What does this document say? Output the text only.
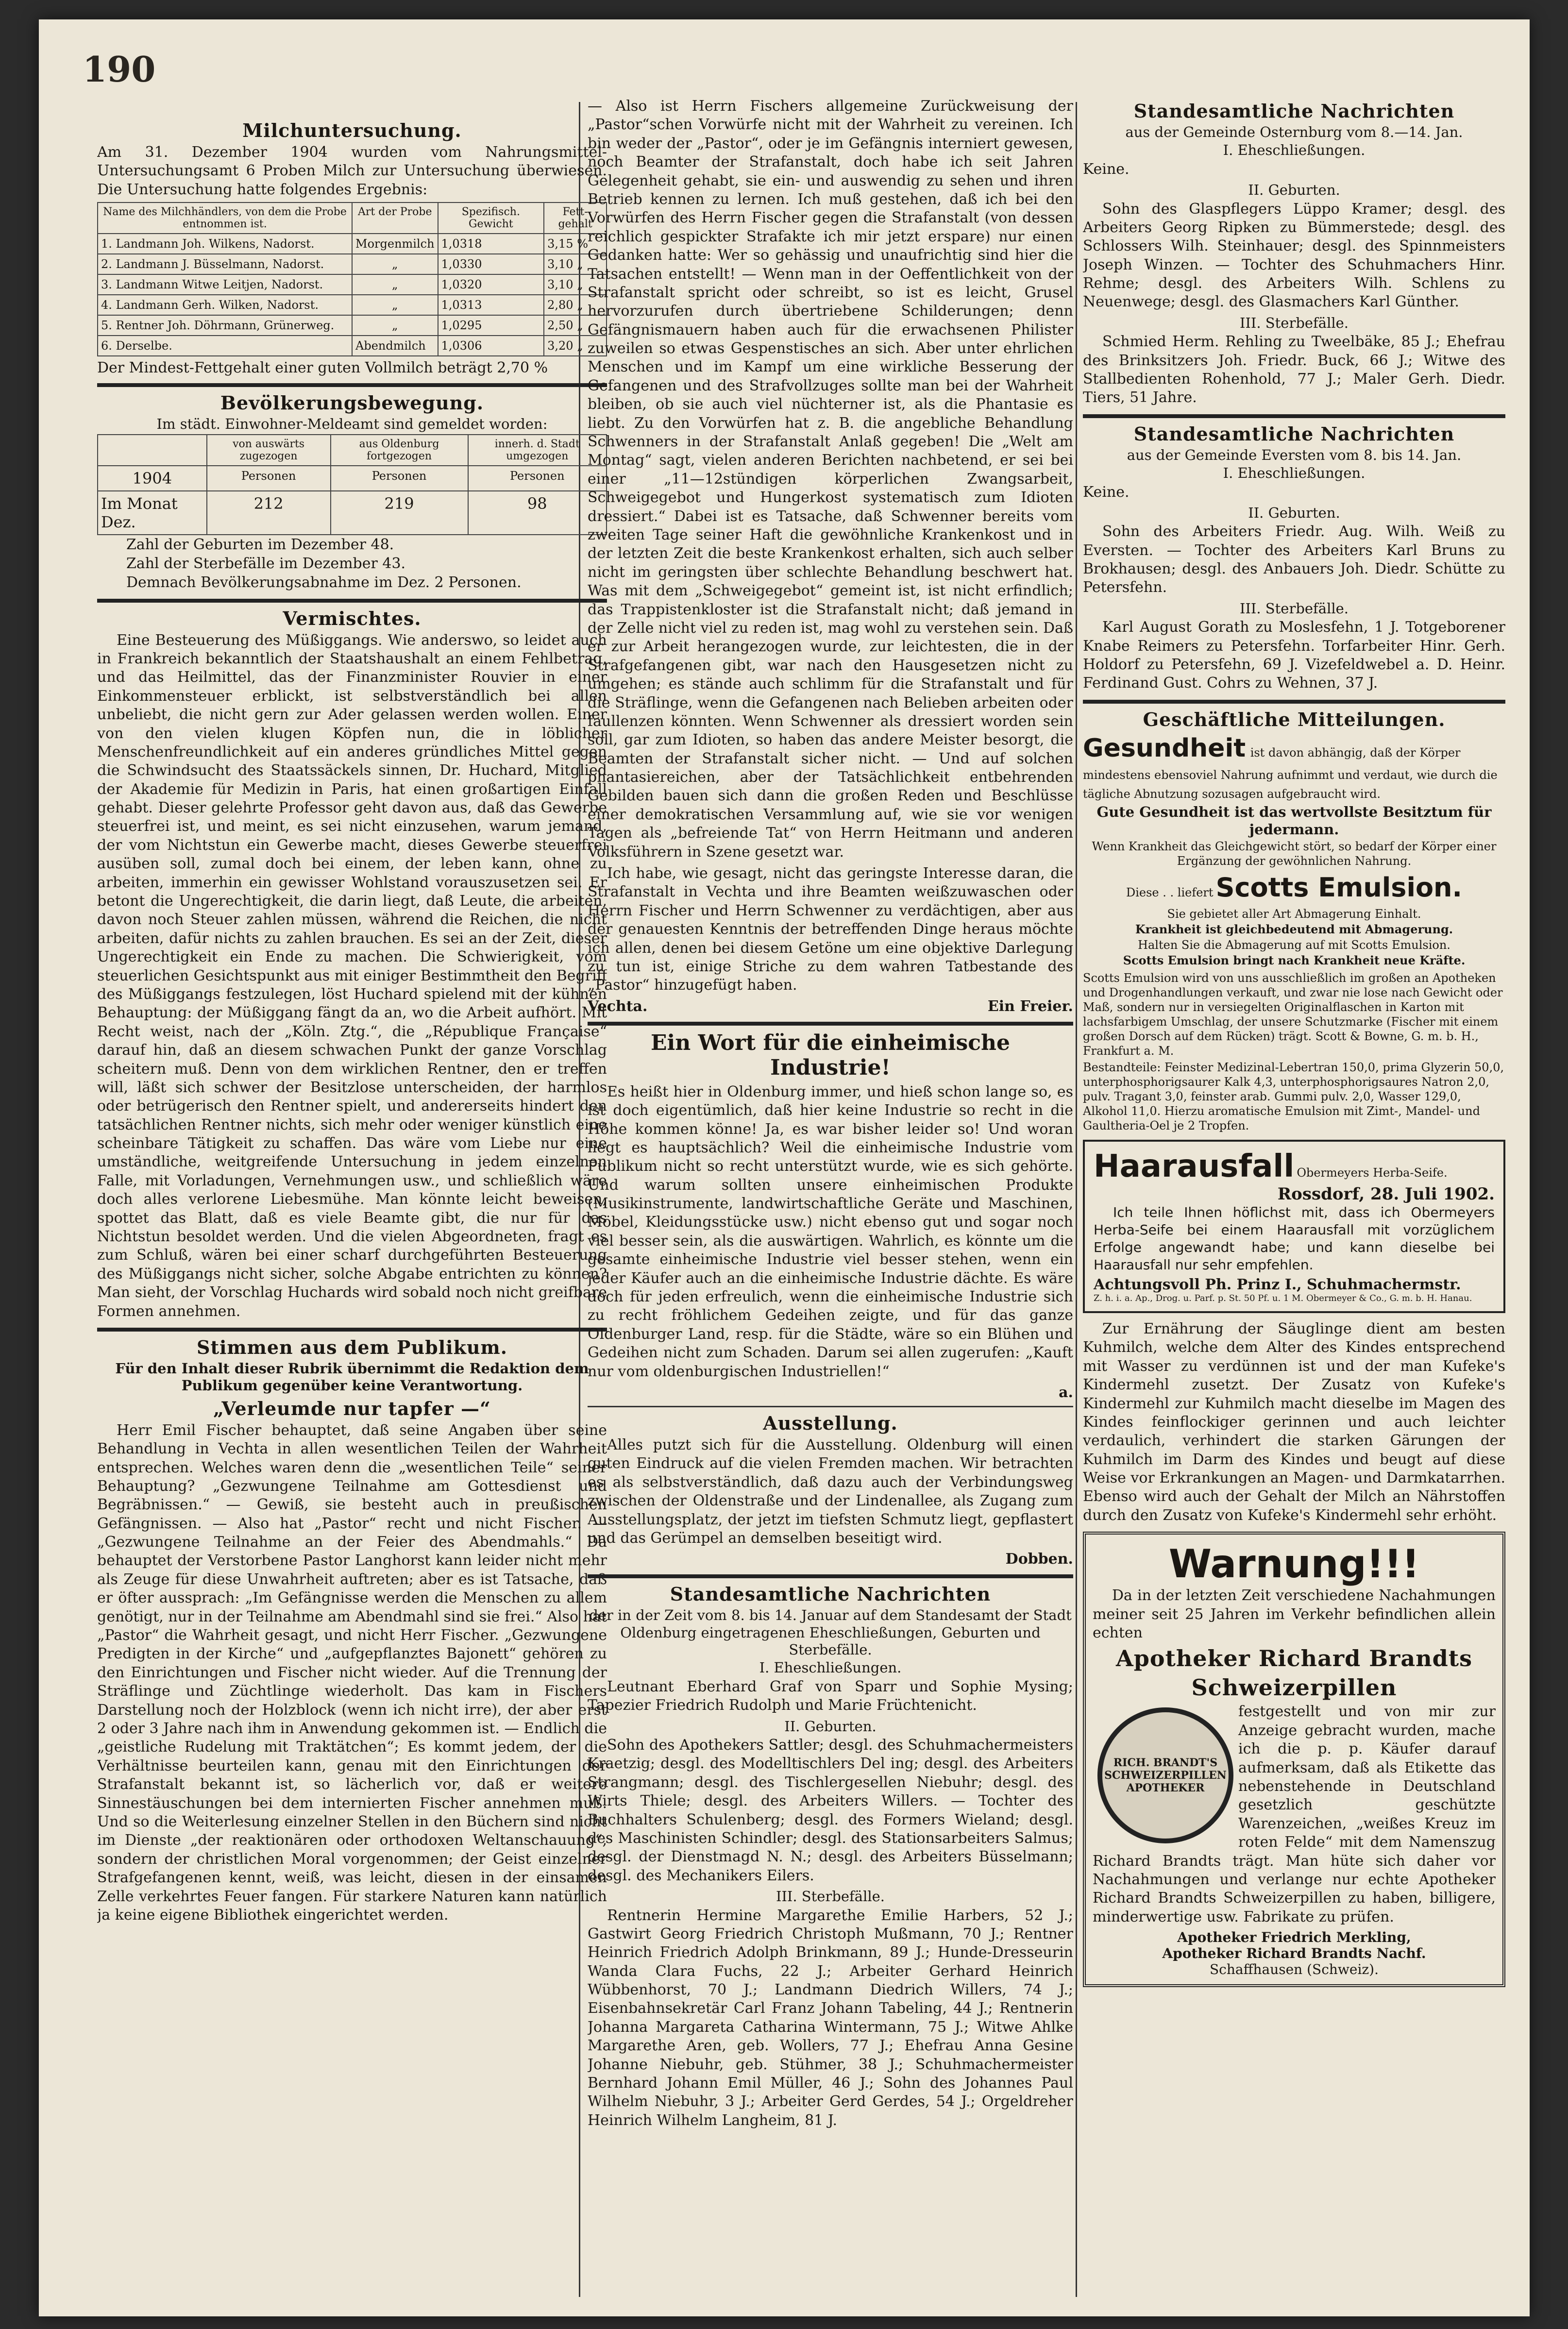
190
Milchuntersuchung.

Am 31. Dezember 1904 wurden vom Nahrungsmittel-Untersuchungsamt 6 Proben Milch zur Untersuchung überwiesen. Die Untersuchung hatte folgendes Ergebnis:

Name des Milchhändlers, von dem die Probe entnommen ist.	Art der Probe	Spezifisch. Gewicht	Fett-gehalt
1. Landmann Joh. Wilkens, Nadorst.	Morgenmilch	1,0318	3,15 %
2. Landmann J. Büsselmann, Nadorst.	„	1,0330	3,10 „
3. Landmann Witwe Leitjen, Nadorst.	„	1,0320	3,10 „
4. Landmann Gerh. Wilken, Nadorst.	„	1,0313	2,80 „
5. Rentner Joh. Döhrmann, Grünerweg.	„	1,0295	2,50 „
6. Derselbe.	Abendmilch	1,0306	3,20 „
Der Mindest-Fettgehalt einer guten Vollmilch beträgt 2,70 %
Bevölkerungsbewegung.
Im städt. Einwohner-Meldeamt sind gemeldet worden:
	von auswärts zugezogen	aus Oldenburg fortgezogen	innerh. d. Stadt umgezogen
1904	Personen	Personen	Personen
Im Monat Dez.	212	219	98
Zahl der Geburten im Dezember 48.
Zahl der Sterbefälle im Dezember 43.
Demnach Bevölkerungsabnahme im Dez. 2 Personen.
Vermischtes.

Eine Besteuerung des Müßiggangs. Wie anderswo, so leidet auch in Frankreich bekanntlich der Staatshaushalt an einem Fehlbetrag, und das Heilmittel, das der Finanzminister Rouvier in einer Einkommensteuer erblickt, ist selbstverständlich bei allen unbeliebt, die nicht gern zur Ader gelassen werden wollen. Einer von den vielen klugen Köpfen nun, die in löblicher Menschenfreundlichkeit auf ein anderes gründliches Mittel gegen die Schwindsucht des Staatssäckels sinnen, Dr. Huchard, Mitglied der Akademie für Medizin in Paris, hat einen großartigen Einfall gehabt. Dieser gelehrte Professor geht davon aus, daß das Gewerbe steuerfrei ist, und meint, es sei nicht einzusehen, warum jemand, der vom Nichtstun ein Gewerbe macht, dieses Gewerbe steuerfrei ausüben soll, zumal doch bei einem, der leben kann, ohne zu arbeiten, immerhin ein gewisser Wohlstand vorauszusetzen sei. Er betont die Ungerechtigkeit, die darin liegt, daß Leute, die arbeiten, davon noch Steuer zahlen müssen, während die Reichen, die nicht arbeiten, dafür nichts zu zahlen brauchen. Es sei an der Zeit, dieser Ungerechtigkeit ein Ende zu machen. Die Schwierigkeit, vom steuerlichen Gesichtspunkt aus mit einiger Bestimmtheit den Begriff des Müßiggangs festzulegen, löst Huchard spielend mit der kühnen Behauptung: der Müßiggang fängt da an, wo die Arbeit aufhört. Mit Recht weist, nach der „Köln. Ztg.“, die „République Française“ darauf hin, daß an diesem schwachen Punkt der ganze Vorschlag scheitern muß. Denn von dem wirklichen Rentner, den er treffen will, läßt sich schwer der Besitzlose unterscheiden, der harmlos oder betrügerisch den Rentner spielt, und andererseits hindert den tatsächlichen Rentner nichts, sich mehr oder weniger künstlich eine scheinbare Tätigkeit zu schaffen. Das wäre vom Liebe nur eine umständliche, weitgreifende Untersuchung in jedem einzelnen Falle, mit Vorladungen, Vernehmungen usw., und schließlich wäre doch alles verlorene Liebesmühe. Man könnte leicht beweisen, spottet das Blatt, daß es viele Beamte gibt, die nur für das Nichtstun besoldet werden. Und die vielen Abgeordneten, fragt es zum Schluß, wären bei einer scharf durchgeführten Besteuerung des Müßiggangs nicht sicher, solche Abgabe entrichten zu können? Man sieht, der Vorschlag Huchards wird sobald noch nicht greifbare Formen annehmen.

Stimmen aus dem Publikum.
Für den Inhalt dieser Rubrik übernimmt die Redaktion dem Publikum gegenüber keine Verantwortung.
„Verleumde nur tapfer —“

Herr Emil Fischer behauptet, daß seine Angaben über seine Behandlung in Vechta in allen wesentlichen Teilen der Wahrheit entsprechen. Welches waren denn die „wesentlichen Teile“ seiner Behauptung? „Gezwungene Teilnahme am Gottesdienst und Begräbnissen.“ — Gewiß, sie besteht auch in preußischen Gefängnissen. — Also hat „Pastor“ recht und nicht Fischer. — „Gezwungene Teilnahme an der Feier des Abendmahls.“ Da behauptet der Verstorbene Pastor Langhorst kann leider nicht mehr als Zeuge für diese Unwahrheit auftreten; aber es ist Tatsache, daß er öfter aussprach: „Im Gefängnisse werden die Menschen zu allem genötigt, nur in der Teilnahme am Abendmahl sind sie frei.“ Also hat „Pastor“ die Wahrheit gesagt, und nicht Herr Fischer. „Gezwungene Predigten in der Kirche“ und „aufgepflanztes Bajonett“ gehören zu den Einrichtungen und Fischer nicht wieder. Auf die Trennung der Sträflinge und Züchtlinge wiederholt. Das kam in Fischers Darstellung noch der Holzblock (wenn ich nicht irre), der aber erst 2 oder 3 Jahre nach ihm in Anwendung gekommen ist. — Endlich die „geistliche Rudelung mit Traktätchen“; Es kommt jedem, der die Verhältnisse beurteilen kann, genau mit den Einrichtungen der Strafanstalt bekannt ist, so lächerlich vor, daß er weitere Sinnestäuschungen bei dem internierten Fischer annehmen muß. Und so die Weiterlesung einzelner Stellen in den Büchern sind nicht im Dienste „der reaktionären oder orthodoxen Weltanschauung“, sondern der christlichen Moral vorgenommen; der Geist einzelner Strafgefangenen kennt, weiß, was leicht, diesen in der einsamen Zelle verkehrtes Feuer fangen. Für starkere Naturen kann natürlich ja keine eigene Bibliothek eingerichtet werden.

— Also ist Herrn Fischers allgemeine Zurückweisung der „Pastor“schen Vorwürfe nicht mit der Wahrheit zu vereinen. Ich bin weder der „Pastor“, oder je im Gefängnis interniert gewesen, noch Beamter der Strafanstalt, doch habe ich seit Jahren Gelegenheit gehabt, sie ein- und auswendig zu sehen und ihren Betrieb kennen zu lernen. Ich muß gestehen, daß ich bei den Vorwürfen des Herrn Fischer gegen die Strafanstalt (von dessen reichlich gespickter Strafakte ich mir jetzt erspare) nur einen Gedanken hatte: Wer so gehässig und unaufrichtig sind hier die Tatsachen entstellt! — Wenn man in der Oeffentlichkeit von der Strafanstalt spricht oder schreibt, so ist es leicht, Grusel hervorzurufen durch übertriebene Schilderungen; denn Gefängnismauern haben auch für die erwachsenen Philister zuweilen so etwas Gespenstisches an sich. Aber unter ehrlichen Menschen und im Kampf um eine wirkliche Besserung der Gefangenen und des Strafvollzuges sollte man bei der Wahrheit bleiben, ob sie auch viel nüchterner ist, als die Phantasie es liebt. Zu den Vorwürfen hat z. B. die angebliche Behandlung Schwenners in der Strafanstalt Anlaß gegeben! Die „Welt am Montag“ sagt, vielen anderen Berichten nachbetend, er sei bei einer „11—12stündigen körperlichen Zwangsarbeit, Schweigegebot und Hungerkost systematisch zum Idioten dressiert.“ Dabei ist es Tatsache, daß Schwenner bereits vom zweiten Tage seiner Haft die gewöhnliche Krankenkost und in der letzten Zeit die beste Krankenkost erhalten, sich auch selber nicht im geringsten über schlechte Behandlung beschwert hat. Was mit dem „Schweigegebot“ gemeint ist, ist nicht erfindlich; das Trappistenkloster ist die Strafanstalt nicht; daß jemand in der Zelle nicht viel zu reden ist, mag wohl zu verstehen sein. Daß er zur Arbeit herangezogen wurde, zur leichtesten, die in der Strafgefangenen gibt, war nach den Hausgesetzen nicht zu umgehen; es stände auch schlimm für die Strafanstalt und für die Sträflinge, wenn die Gefangenen nach Belieben arbeiten oder faullenzen könnten. Wenn Schwenner als dressiert worden sein soll, gar zum Idioten, so haben das andere Meister besorgt, die Beamten der Strafanstalt sicher nicht. — Und auf solchen phantasiereichen, aber der Tatsächlichkeit entbehrenden Gebilden bauen sich dann die großen Reden und Beschlüsse einer demokratischen Versammlung auf, wie sie vor wenigen Tagen als „befreiende Tat“ von Herrn Heitmann und anderen Volksführern in Szene gesetzt war.

Ich habe, wie gesagt, nicht das geringste Interesse daran, die Strafanstalt in Vechta und ihre Beamten weißzuwaschen oder Herrn Fischer und Herrn Schwenner zu verdächtigen, aber aus der genauesten Kenntnis der betreffenden Dinge heraus möchte ich allen, denen bei diesem Getöne um eine objektive Darlegung zu tun ist, einige Striche zu dem wahren Tatbestande des „Pastor“ hinzugefügt haben.

Vechta.	Ein Freier.
Ein Wort für die einheimische Industrie!

Es heißt hier in Oldenburg immer, und hieß schon lange so, es ist doch eigentümlich, daß hier keine Industrie so recht in die Höhe kommen könne! Ja, es war bisher leider so! Und woran liegt es hauptsächlich? Weil die einheimische Industrie vom Publikum nicht so recht unterstützt wurde, wie es sich gehörte. Und warum sollten unsere einheimischen Produkte (Musikinstrumente, landwirtschaftliche Geräte und Maschinen, Möbel, Kleidungsstücke usw.) nicht ebenso gut und sogar noch viel besser sein, als die auswärtigen. Wahrlich, es könnte um die gesamte einheimische Industrie viel besser stehen, wenn ein jeder Käufer auch an die einheimische Industrie dächte. Es wäre doch für jeden erfreulich, wenn die einheimische Industrie sich zu recht fröhlichem Gedeihen zeigte, und für das ganze Oldenburger Land, resp. für die Städte, wäre so ein Blühen und Gedeihen nicht zum Schaden. Darum sei allen zugerufen: „Kauft nur vom oldenburgischen Industriellen!“

a.
Ausstellung.

Alles putzt sich für die Ausstellung. Oldenburg will einen guten Eindruck auf die vielen Fremden machen. Wir betrachten es als selbstverständlich, daß dazu auch der Verbindungsweg zwischen der Oldenstraße und der Lindenallee, als Zugang zum Ausstellungsplatz, der jetzt im tiefsten Schmutz liegt, gepflastert und das Gerümpel an demselben beseitigt wird.

Dobben.
Standesamtliche Nachrichten
der in der Zeit vom 8. bis 14. Januar auf dem Standesamt der Stadt Oldenburg eingetragenen Eheschließungen, Geburten und Sterbefälle.
I. Eheschließungen.

Leutnant Eberhard Graf von Sparr und Sophie Mysing; Tapezier Friedrich Rudolph und Marie Früchtenicht.

II. Geburten.

Sohn des Apothekers Sattler; desgl. des Schuhmachermeisters Kraetzig; desgl. des Modelltischlers Del ing; desgl. des Arbeiters Strangmann; desgl. des Tischlergesellen Niebuhr; desgl. des Wirts Thiele; desgl. des Arbeiters Willers. — Tochter des Buchhalters Schulenberg; desgl. des Formers Wieland; desgl. des Maschinisten Schindler; desgl. des Stationsarbeiters Salmus; desgl. der Dienstmagd N. N.; desgl. des Arbeiters Büsselmann; desgl. des Mechanikers Eilers.

III. Sterbefälle.

Rentnerin Hermine Margarethe Emilie Harbers, 52 J.; Gastwirt Georg Friedrich Christoph Mußmann, 70 J.; Rentner Heinrich Friedrich Adolph Brinkmann, 89 J.; Hunde-Dresseurin Wanda Clara Fuchs, 22 J.; Arbeiter Gerhard Heinrich Wübbenhorst, 70 J.; Landmann Diedrich Willers, 74 J.; Eisenbahnsekretär Carl Franz Johann Tabeling, 44 J.; Rentnerin Johanna Margareta Catharina Wintermann, 75 J.; Witwe Ahlke Margarethe Aren, geb. Wollers, 77 J.; Ehefrau Anna Gesine Johanne Niebuhr, geb. Stühmer, 38 J.; Schuhmachermeister Bernhard Johann Emil Müller, 46 J.; Sohn des Johannes Paul Wilhelm Niebuhr, 3 J.; Arbeiter Gerd Gerdes, 54 J.; Orgeldreher Heinrich Wilhelm Langheim, 81 J.

Standesamtliche Nachrichten
aus der Gemeinde Osternburg vom 8.—14. Jan.
I. Eheschließungen.

Keine.

II. Geburten.

Sohn des Glaspflegers Lüppo Kramer; desgl. des Arbeiters Georg Ripken zu Bümmerstede; desgl. des Schlossers Wilh. Steinhauer; desgl. des Spinnmeisters Joseph Winzen. — Tochter des Schuhmachers Hinr. Rehme; desgl. des Arbeiters Wilh. Schlens zu Neuenwege; desgl. des Glasmachers Karl Günther.

III. Sterbefälle.

Schmied Herm. Rehling zu Tweelbäke, 85 J.; Ehefrau des Brinksitzers Joh. Friedr. Buck, 66 J.; Witwe des Stallbedienten Rohenhold, 77 J.; Maler Gerh. Diedr. Tiers, 51 Jahre.

Standesamtliche Nachrichten
aus der Gemeinde Eversten vom 8. bis 14. Jan.
I. Eheschließungen.

Keine.

II. Geburten.

Sohn des Arbeiters Friedr. Aug. Wilh. Weiß zu Eversten. — Tochter des Arbeiters Karl Bruns zu Brokhausen; desgl. des Anbauers Joh. Diedr. Schütte zu Petersfehn.

III. Sterbefälle.

Karl August Gorath zu Moslesfehn, 1 J. Totgeborener Knabe Reimers zu Petersfehn. Torfarbeiter Hinr. Gerh. Holdorf zu Petersfehn, 69 J. Vizefeldwebel a. D. Heinr. Ferdinand Gust. Cohrs zu Wehnen, 37 J.

Geschäftliche Mitteilungen.
Gesundheit ist davon abhängig, daß der Körper mindestens ebensoviel Nahrung aufnimmt und verdaut, wie durch die tägliche Abnutzung sozusagen aufgebraucht wird.
Gute Gesundheit ist das wertvollste Besitztum für jedermann.
Wenn Krankheit das Gleichgewicht stört, so bedarf der Körper einer Ergänzung der gewöhnlichen Nahrung.
Diese . . liefert Scotts Emulsion.
Sie gebietet aller Art Abmagerung Einhalt.
Krankheit ist gleichbedeutend mit Abmagerung.
Halten Sie die Abmagerung auf mit Scotts Emulsion.
Scotts Emulsion bringt nach Krankheit neue Kräfte.
Scotts Emulsion wird von uns ausschließlich im großen an Apotheken und Drogenhandlungen verkauft, und zwar nie lose nach Gewicht oder Maß, sondern nur in versiegelten Originalflaschen in Karton mit lachsfarbigem Umschlag, der unsere Schutzmarke (Fischer mit einem großen Dorsch auf dem Rücken) trägt. Scott & Bowne, G. m. b. H., Frankfurt a. M.
Bestandteile: Feinster Medizinal-Lebertran 150,0, prima Glyzerin 50,0, unterphosphorigsaurer Kalk 4,3, unterphosphorigsaures Natron 2,0, pulv. Tragant 3,0, feinster arab. Gummi pulv. 2,0, Wasser 129,0, Alkohol 11,0. Hierzu aromatische Emulsion mit Zimt-, Mandel- und Gaultheria-Oel je 2 Tropfen.
Haarausfall Obermeyers Herba-Seife.
Rossdorf, 28. Juli 1902.

Ich teile Ihnen höflichst mit, dass ich Obermeyers Herba-Seife bei einem Haarausfall mit vorzüglichem Erfolge angewandt habe; und kann dieselbe bei Haarausfall nur sehr empfehlen.

Achtungsvoll Ph. Prinz I., Schuhmachermstr.
Z. h. i. a. Ap., Drog. u. Parf. p. St. 50 Pf. u. 1 M. Obermeyer & Co., G. m. b. H. Hanau.

Zur Ernährung der Säuglinge dient am besten Kuhmilch, welche dem Alter des Kindes entsprechend mit Wasser zu verdünnen ist und der man Kufeke's Kindermehl zusetzt. Der Zusatz von Kufeke's Kindermehl zur Kuhmilch macht dieselbe im Magen des Kindes feinflockiger gerinnen und auch leichter verdaulich, verhindert die starken Gärungen der Kuhmilch im Darm des Kindes und beugt auf diese Weise vor Erkrankungen an Magen- und Darmkatarrhen. Ebenso wird auch der Gehalt der Milch an Nährstoffen durch den Zusatz von Kufeke's Kindermehl sehr erhöht.

Warnung!!!

Da in der letzten Zeit verschiedene Nachahmungen meiner seit 25 Jahren im Verkehr befindlichen allein echten

Apotheker Richard Brandts
Schweizerpillen
RICH. BRANDT'S SCHWEIZERPILLEN APOTHEKER

festgestellt und von mir zur Anzeige gebracht wurden, mache ich die p. p. Käufer darauf aufmerksam, daß als Etikette das nebenstehende in Deutschland gesetzlich geschützte Warenzeichen, „weißes Kreuz im roten Felde“ mit dem Namenszug Richard Brandts trägt. Man hüte sich daher vor Nachahmungen und verlange nur echte Apotheker Richard Brandts Schweizerpillen zu haben, billigere, minderwertige usw. Fabrikate zu prüfen.

Apotheker Friedrich Merkling,
Apotheker Richard Brandts Nachf.
Schaffhausen (Schweiz).
